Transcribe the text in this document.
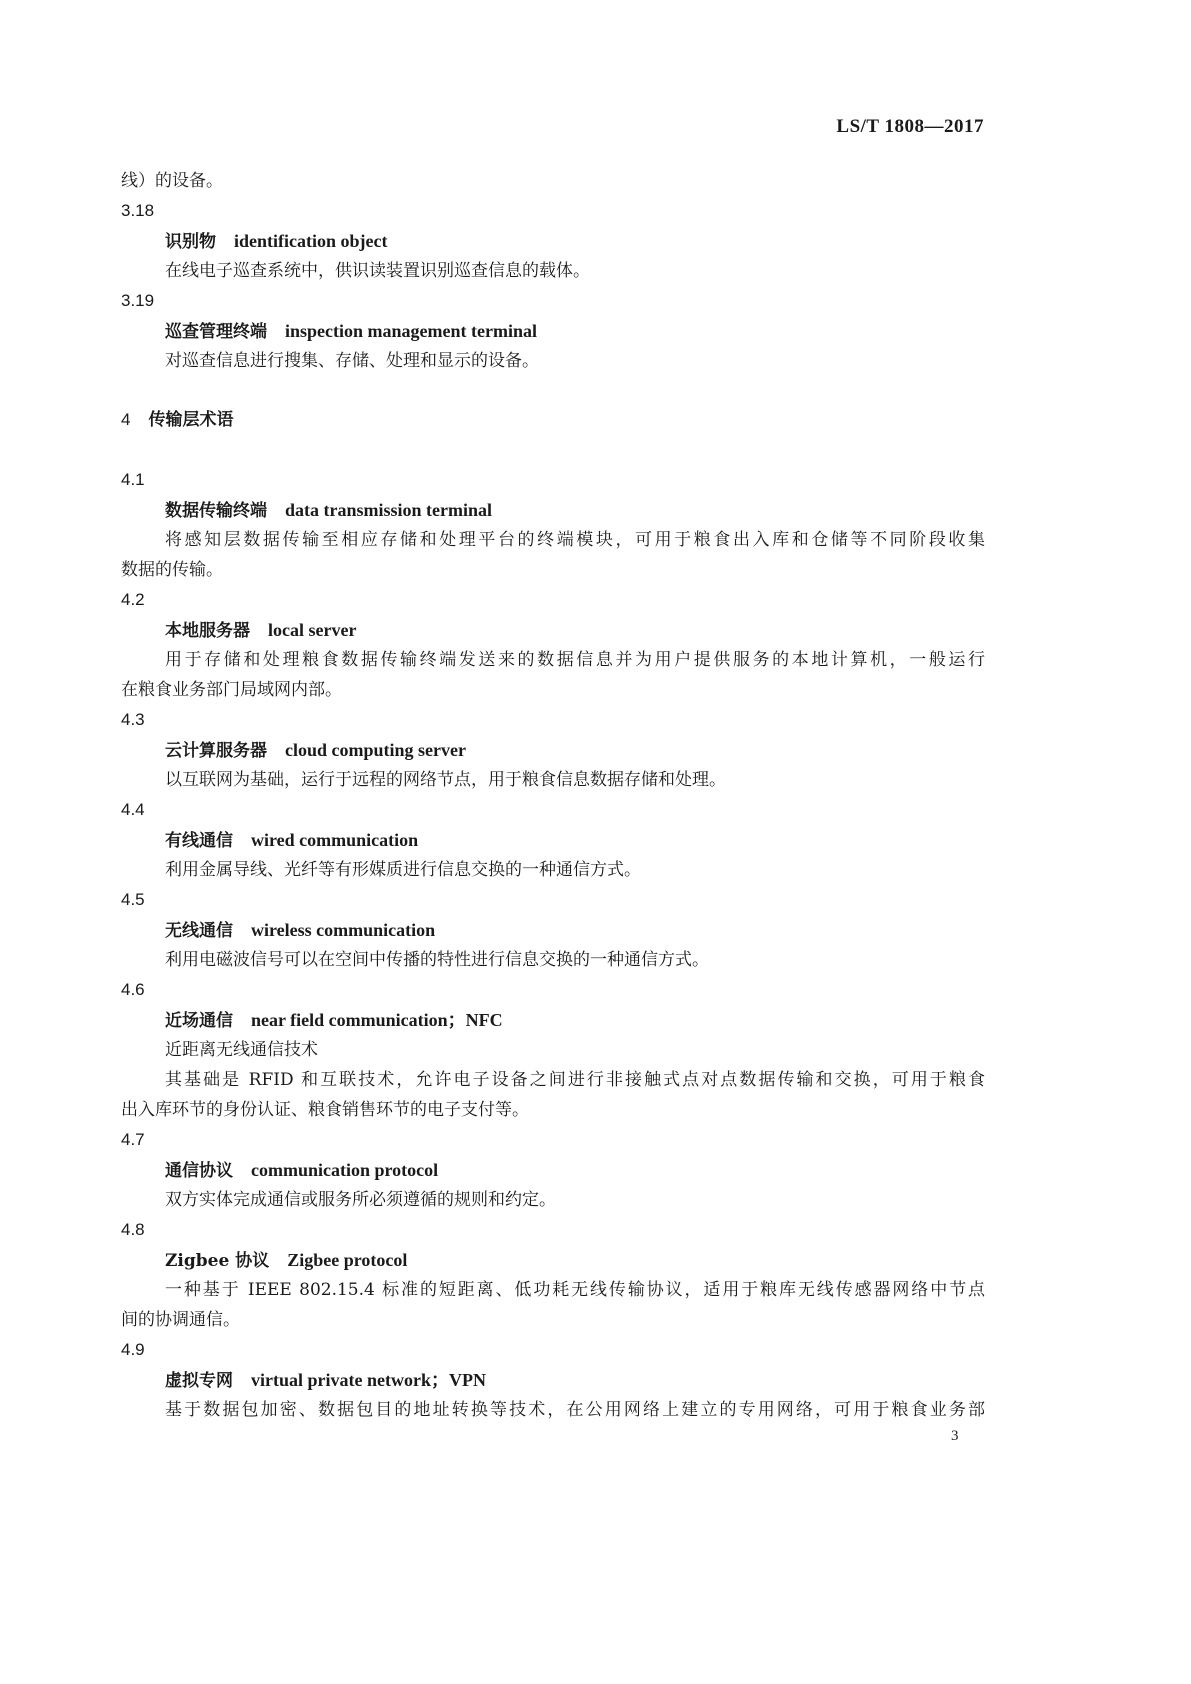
LS/T 1808—2017
线）的设备。
3.18
识别物 identification object
在线电子巡查系统中，供识读装置识别巡查信息的载体。
3.19
巡查管理终端 inspection management terminal
对巡查信息进行搜集、存储、处理和显示的设备。
4 传输层术语
4.1
数据传输终端 data transmission terminal
将感知层数据传输至相应存储和处理平台的终端模块，可用于粮食出入库和仓储等不同阶段收集
数据的传输。
4.2
本地服务器 local server
用于存储和处理粮食数据传输终端发送来的数据信息并为用户提供服务的本地计算机，一般运行
在粮食业务部门局域网内部。
4.3
云计算服务器 cloud computing server
以互联网为基础，运行于远程的网络节点，用于粮食信息数据存储和处理。
4.4
有线通信 wired communication
利用金属导线、光纤等有形媒质进行信息交换的一种通信方式。
4.5
无线通信 wireless communication
利用电磁波信号可以在空间中传播的特性进行信息交换的一种通信方式。
4.6
近场通信 near field communication；NFC
近距离无线通信技术
其基础是 RFID 和互联技术，允许电子设备之间进行非接触式点对点数据传输和交换，可用于粮食
出入库环节的身份认证、粮食销售环节的电子支付等。
4.7
通信协议 communication protocol
双方实体完成通信或服务所必须遵循的规则和约定。
4.8
Zigbee 协议 Zigbee protocol
一种基于 IEEE 802.15.4 标准的短距离、低功耗无线传输协议，适用于粮库无线传感器网络中节点
间的协调通信。
4.9
虚拟专网 virtual private network；VPN
基于数据包加密、数据包目的地址转换等技术，在公用网络上建立的专用网络，可用于粮食业务部
3
